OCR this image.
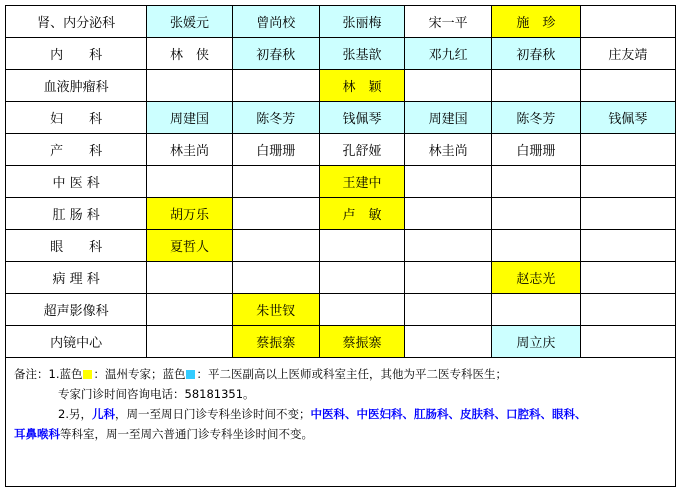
肾、内分泌科	张媛元	曾尚校	张丽梅	宋一平	施　珍	
内　　科	林　侠	初春秋	张基歆	邓九红	初春秋	庄友靖
血液肿瘤科			林　颖			
妇　　科	周建国	陈冬芳	钱佩琴	周建国	陈冬芳	钱佩琴
产　　科	林圭尚	白珊珊	孔舒娅	林圭尚	白珊珊	
中 医 科			王建中			
肛 肠 科	胡万乐		卢　敏			
眼　　科	夏哲人					
病 理 科					赵志光	
超声影像科		朱世钗				
内镜中心		蔡振寨	蔡振寨		周立庆	
备注：1.蓝色 ：温州专家；蓝色 ：平二医副高以上医师或科室主任，其他为平二医专科医生；
专家门诊时间咨询电话：58181351。
2.另，儿科，周一至周日门诊专科坐诊时间不变；中医科、中医妇科、肛肠科、皮肤科、口腔科、眼科、
耳鼻喉科等科室，周一至周六普通门诊专科坐诊时间不变。
